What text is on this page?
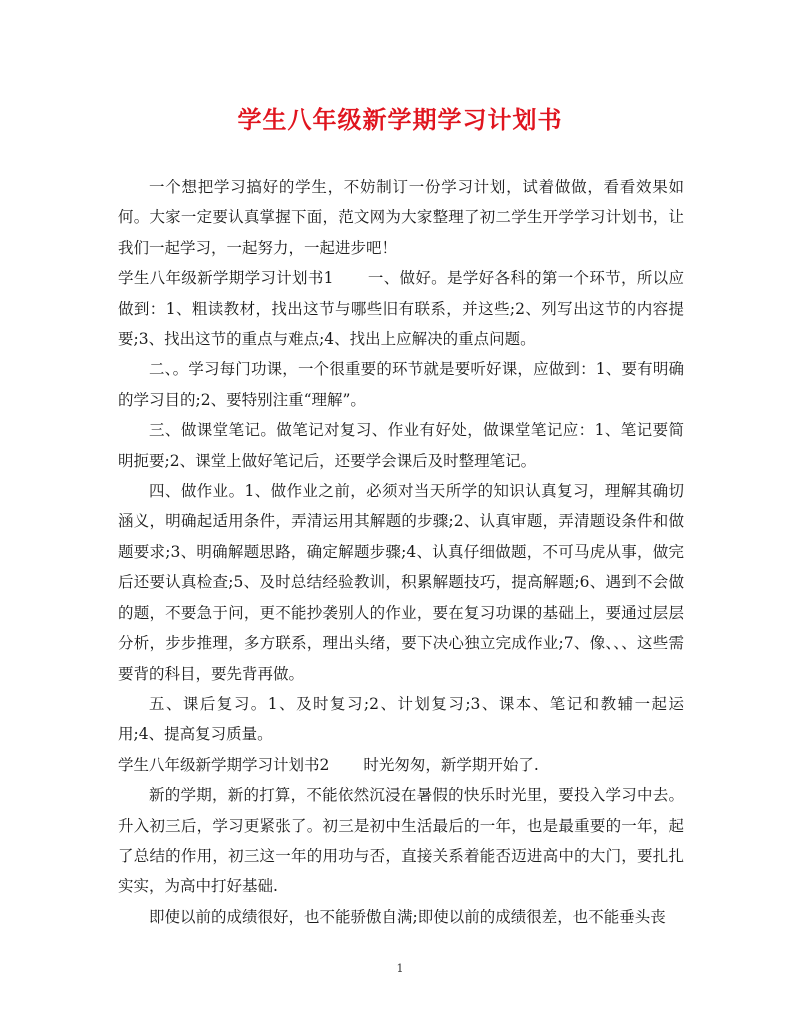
学生八年级新学期学习计划书

一个想把学习搞好的学生，不妨制订一份学习计划，试着做做，看看效果如何。大家一定要认真掌握下面，范文网为大家整理了初二学生开学学习计划书，让我们一起学习，一起努力，一起进步吧！

学生八年级新学期学习计划书1 一、做好。是学好各科的第一个环节，所以应做到：1、粗读教材，找出这节与哪些旧有联系，并这些;2、列写出这节的内容提要;3、找出这节的重点与难点;4、找出上应解决的重点问题。

二、。学习每门功课，一个很重要的环节就是要听好课，应做到：1、要有明确的学习目的;2、要特别注重“理解”。

三、做课堂笔记。做笔记对复习、作业有好处，做课堂笔记应：1、笔记要简明扼要;2、课堂上做好笔记后，还要学会课后及时整理笔记。

四、做作业。1、做作业之前，必须对当天所学的知识认真复习，理解其确切涵义，明确起适用条件，弄清运用其解题的步骤;2、认真审题，弄清题设条件和做题要求;3、明确解题思路，确定解题步骤;4、认真仔细做题，不可马虎从事，做完后还要认真检查;5、及时总结经验教训，积累解题技巧，提高解题;6、遇到不会做的题，不要急于问，更不能抄袭别人的作业，要在复习功课的基础上，要通过层层分析，步步推理，多方联系，理出头绪，要下决心独立完成作业;7、像、、、这些需要背的科目，要先背再做。

五、课后复习。1、及时复习;2、计划复习;3、课本、笔记和教辅一起运用;4、提高复习质量。

学生八年级新学期学习计划书2 时光匆匆，新学期开始了.

新的学期，新的打算，不能依然沉浸在暑假的快乐时光里，要投入学习中去。升入初三后，学习更紧张了。初三是初中生活最后的一年，也是最重要的一年，起了总结的作用，初三这一年的用功与否，直接关系着能否迈进高中的大门，要扎扎实实，为高中打好基础.

即使以前的成绩很好，也不能骄傲自满;即使以前的成绩很差，也不能垂头丧

1
